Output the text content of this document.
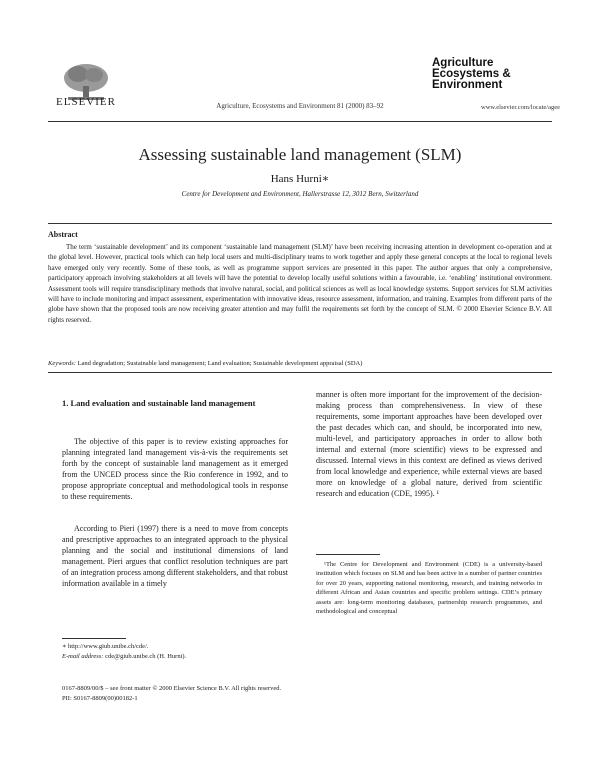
ELSEVIER	Agriculture, Ecosystems and Environment 81 (2000) 83–92
Agriculture
Ecosystems &
Environment
www.elsevier.com/locate/agee
Assessing sustainable land management (SLM)
Hans Hurni∗
Centre for Development and Environment, Hallerstrasse 12, 3012 Bern, Switzerland
Abstract
The term ‘sustainable development’ and its component ‘sustainable land management (SLM)’ have been receiving increasing attention in development co-operation and at the global level. However, practical tools which can help local users and multi-disciplinary teams to work together and apply these general concepts at the local to regional levels have emerged only very recently. Some of these tools, as well as programme support services are presented in this paper. The author argues that only a comprehensive, participatory approach involving stakeholders at all levels will have the potential to develop locally useful solutions within a favourable, i.e. ‘enabling’ institutional environment. Assessment tools will require transdisciplinary methods that involve natural, social, and political sciences as well as local knowledge systems. Support services for SLM activities will have to include monitoring and impact assessment, experimentation with innovative ideas, resource assessment, information, and training. Examples from different parts of the globe have shown that the proposed tools are now receiving greater attention and may fulfil the requirements set forth by the concept of SLM. © 2000 Elsevier Science B.V. All rights reserved.
Keywords: Land degradation; Sustainable land management; Land evaluation; Sustainable development appraisal (SDA)
1. Land evaluation and sustainable land management
The objective of this paper is to review existing approaches for planning integrated land management vis-à-vis the requirements set forth by the concept of sustainable land management as it emerged from the UNCED process since the Rio conference in 1992, and to propose appropriate conceptual and methodological tools in response to these requirements.
According to Pieri (1997) there is a need to move from concepts and prescriptive approaches to an integrated approach to the physical planning and the social and institutional dimensions of land management. Pieri argues that conflict resolution techniques are part of an integration process among different stakeholders, and that robust information available in a timely
manner is often more important for the improvement of the decision-making process than comprehensiveness. In view of these requirements, some important approaches have been developed over the past decades which can, and should, be incorporated into new, multi-level, and participatory approaches in order to allow both internal and external (more scientific) views to be expressed and discussed. Internal views in this context are defined as views derived from local knowledge and experience, while external views are based more on knowledge of a global nature, derived from scientific research and education (CDE, 1995). ¹
¹The Centre for Development and Environment (CDE) is a university-based institution which focuses on SLM and has been active in a number of partner countries for over 20 years, supporting national monitoring, research, and training networks in different African and Asian countries and specific problem settings. CDE’s primary assets are: long-term monitoring databases, partnership research programmes, and methodological and conceptual
∗ http://www.giub.unibe.ch/cde/.
E-mail address: cde@giub.unibe.ch (H. Hurni).
0167-8809/00/$ – see front matter © 2000 Elsevier Science B.V. All rights reserved.
PII: S0167-8809(00)00182-1
